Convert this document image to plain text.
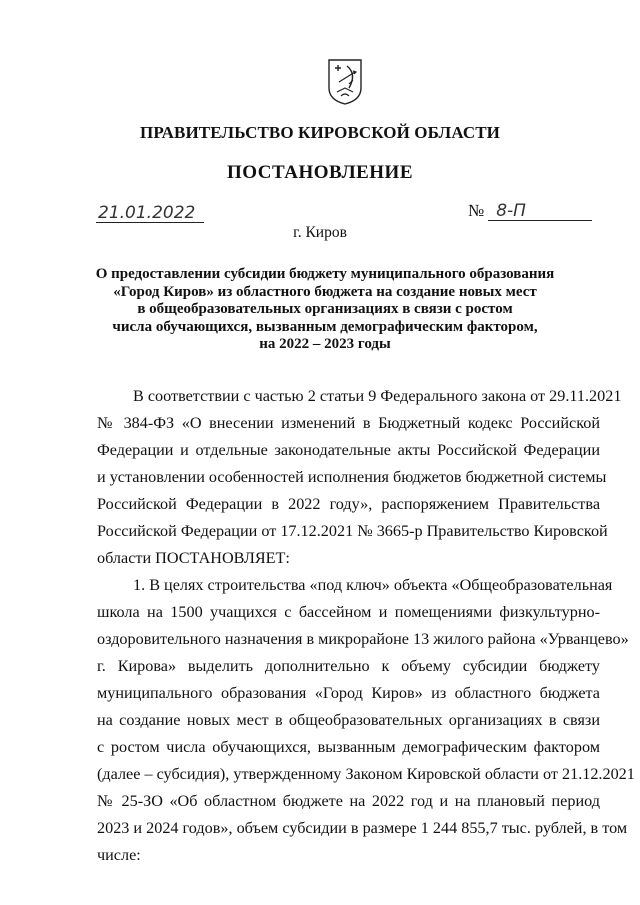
ПРАВИТЕЛЬСТВО КИРОВСКОЙ ОБЛАСТИ
ПОСТАНОВЛЕНИЕ
21.01.2022	№ 8-П
г. Киров
О предоставлении субсидии бюджету муниципального образования
«Город Киров» из областного бюджета на создание новых мест
в общеобразовательных организациях в связи с ростом
числа обучающихся, вызванным демографическим фактором,
на 2022 – 2023 годы
В соответствии с частью 2 статьи 9 Федерального закона от 29.11.2021
№ 384-ФЗ «О внесении изменений в Бюджетный кодекс Российской
Федерации и отдельные законодательные акты Российской Федерации
и установлении особенностей исполнения бюджетов бюджетной системы
Российской Федерации в 2022 году», распоряжением Правительства
Российской Федерации от 17.12.2021 № 3665-р Правительство Кировской
области ПОСТАНОВЛЯЕТ:
1. В целях строительства «под ключ» объекта «Общеобразовательная
школа на 1500 учащихся с бассейном и помещениями физкультурно-
оздоровительного назначения в микрорайоне 13 жилого района «Урванцево»
г. Кирова» выделить дополнительно к объему субсидии бюджету
муниципального образования «Город Киров» из областного бюджета
на создание новых мест в общеобразовательных организациях в связи
с ростом числа обучающихся, вызванным демографическим фактором
(далее – субсидия), утвержденному Законом Кировской области от 21.12.2021
№ 25-ЗО «Об областном бюджете на 2022 год и на плановый период
2023 и 2024 годов», объем субсидии в размере 1 244 855,7 тыс. рублей, в том
числе:
